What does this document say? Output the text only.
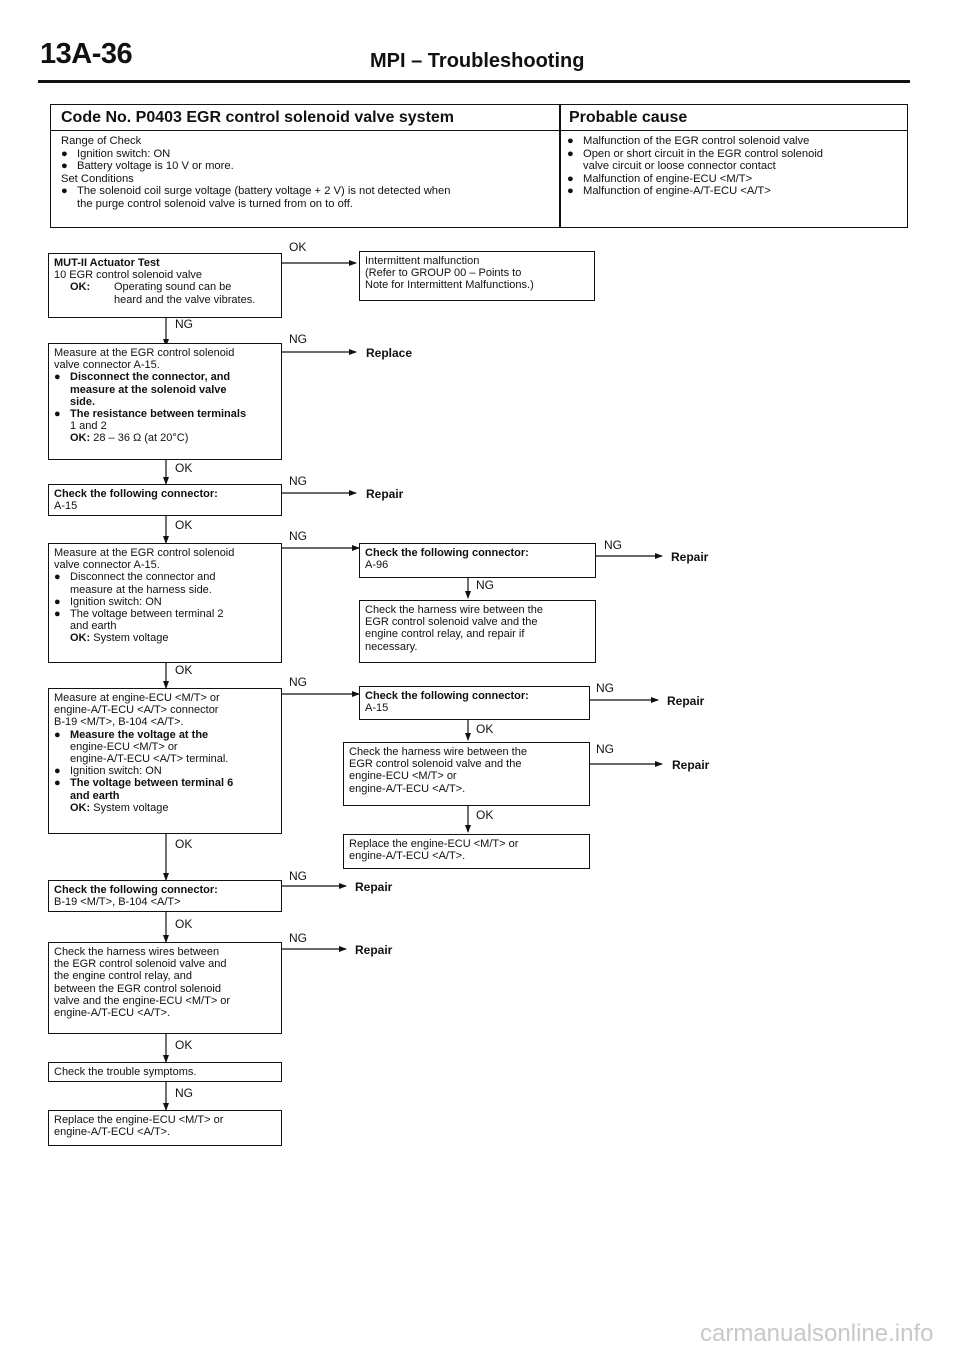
13A-36	MPI – Troubleshooting
Code No. P0403 EGR control solenoid valve system	Probable cause
Range of Check
● Ignition switch: ON
● Battery voltage is 10 V or more.
Set Conditions
● The solenoid coil surge voltage (battery voltage + 2 V) is not detected when
the purge control solenoid valve is turned from on to off.
● Malfunction of the EGR control solenoid valve
● Open or short circuit in the EGR control solenoid
valve circuit or loose connector contact
● Malfunction of engine-ECU <M/T>
● Malfunction of engine-A/T-ECU <A/T>
MUT-II Actuator Test
10 EGR control solenoid valve
OK: Operating sound can be
heard and the valve vibrates.
Intermittent malfunction
(Refer to GROUP 00 – Points to
Note for Intermittent Malfunctions.)
Measure at the EGR control solenoid
valve connector A-15.
● Disconnect the connector, and
measure at the solenoid valve
side.
● The resistance between terminals
1 and 2
OK: 28 – 36 Ω (at 20°C)
Check the following connector:
A-15
Measure at the EGR control solenoid
valve connector A-15.
● Disconnect the connector and
measure at the harness side.
● Ignition switch: ON
● The voltage between terminal 2
and earth
OK: System voltage
Check the following connector:
A-96
Check the harness wire between the
EGR control solenoid valve and the
engine control relay, and repair if
necessary.
Measure at engine-ECU <M/T> or
engine-A/T-ECU <A/T> connector
B-19 <M/T>, B-104 <A/T>.
● Measure the voltage at the
engine-ECU <M/T> or
engine-A/T-ECU <A/T> terminal.
● Ignition switch: ON
● The voltage between terminal 6
and earth
OK: System voltage
Check the following connector:
A-15
Check the harness wire between the
EGR control solenoid valve and the
engine-ECU <M/T> or
engine-A/T-ECU <A/T>.
Replace the engine-ECU <M/T> or
engine-A/T-ECU <A/T>.
Check the following connector:
B-19 <M/T>, B-104 <A/T>
Check the harness wires between
the EGR control solenoid valve and
the engine control relay, and
between the EGR control solenoid
valve and the engine-ECU <M/T> or
engine-A/T-ECU <A/T>.
Check the trouble symptoms.
Replace the engine-ECU <M/T> or
engine-A/T-ECU <A/T>.
OK
NG
NG
OK
NG
OK
NG
NG
NG
OK
NG	NG
OK
NG
OK
OK
NG
OK
NG
OK
NG
Replace
Repair
Repair
Repair
Repair
Repair
Repair
carmanualsonline.info
